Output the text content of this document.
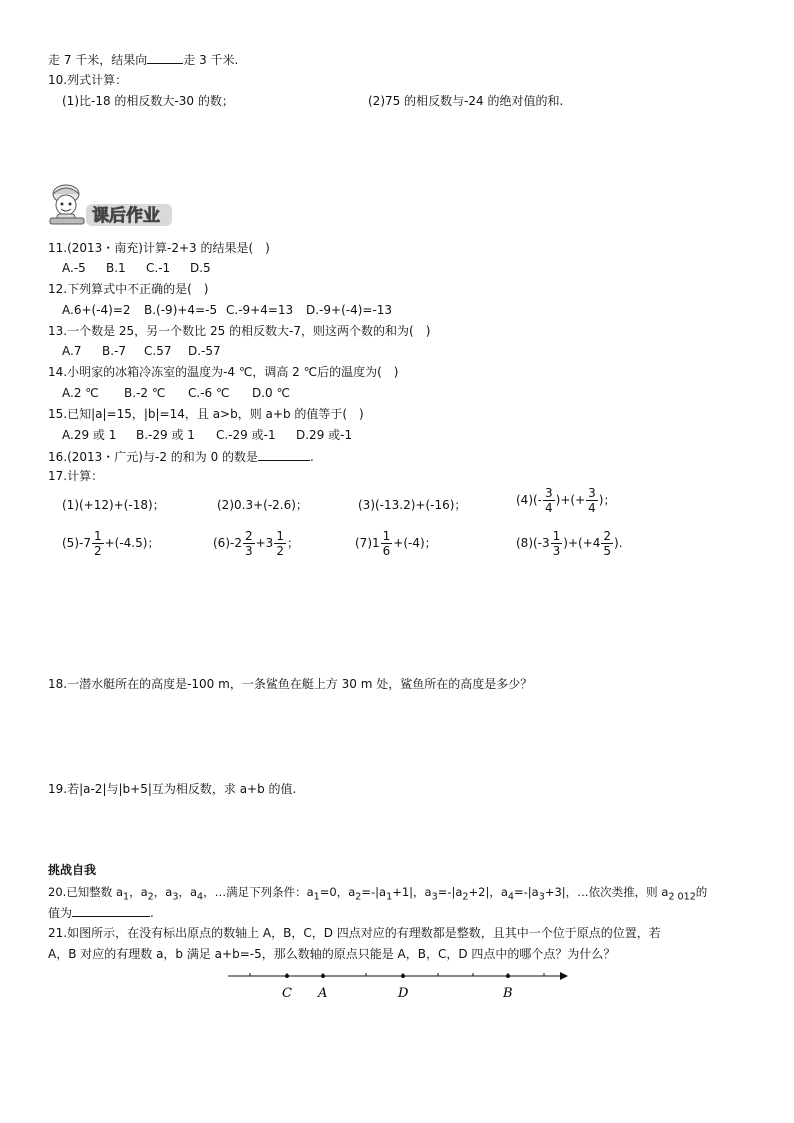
走 7 千米，结果向	走 3 千米.
10.列式计算：
(1)比-18 的相反数大-30 的数；	(2)75 的相反数与-24 的绝对值的和.
课后作业
11.(2013・南充)计算-2+3 的结果是(　)
A.-5 B.1 C.-1 D.5
12.下列算式中不正确的是(　)
A.6+(-4)=2 B.(-9)+4=-5 C.-9+4=13 D.-9+(-4)=-13
13.一个数是 25，另一个数比 25 的相反数大-7，则这两个数的和为(　)
A.7 B.-7 C.57 D.-57
14.小明家的冰箱冷冻室的温度为-4 ℃，调高 2 ℃后的温度为(　)
A.2 ℃ B.-2 ℃ C.-6 ℃ D.0 ℃
15.已知|a|=15，|b|=14，且 a>b，则 a+b 的值等于(　)
A.29 或 1 B.-29 或 1 C.-29 或-1 D.29 或-1
16.(2013・广元)与-2 的和为 0 的数是	.
17.计算：
(1)(+12)+(-18)；	(2)0.3+(-2.6)；	(3)(-13.2)+(-16)；	$(4)(- \frac{3}{4}$ )+(+ $\frac{3}{4}$ )；
$(5)-7 \frac{1}{2} +(-4.5)$；	$(6)-2 \frac{2}{3} +3 \frac{1}{2}$ ；	$(7)1 \frac{1}{6} +(-4)$；	$(8)(-3 \frac{1}{3} )+(+4 \frac{2}{5}$ ).
18.一潜水艇所在的高度是-100 m，一条鲨鱼在艇上方 30 m 处，鲨鱼所在的高度是多少？
19.若|a-2|与|b+5|互为相反数，求 a+b 的值.
挑战自我
20.已知整数 $a_1$，$a_2$，$a_3$，$a_4$，…满足下列条件：$a_1=0$，$a_2=-|a_1+1|$，$a_3=-|a_2+2|$，$a_4=-|a_3+3|$，…依次类推，则 $a_{2 012}$的
值为	.
21.如图所示，在没有标出原点的数轴上 A，B，C，D 四点对应的有理数都是整数，且其中一个位于原点的位置，若
A，B 对应的有理数 a，b 满足 a+b=-5，那么数轴的原点只能是 A，B，C，D 四点中的哪个点？为什么？
C A	D	B
